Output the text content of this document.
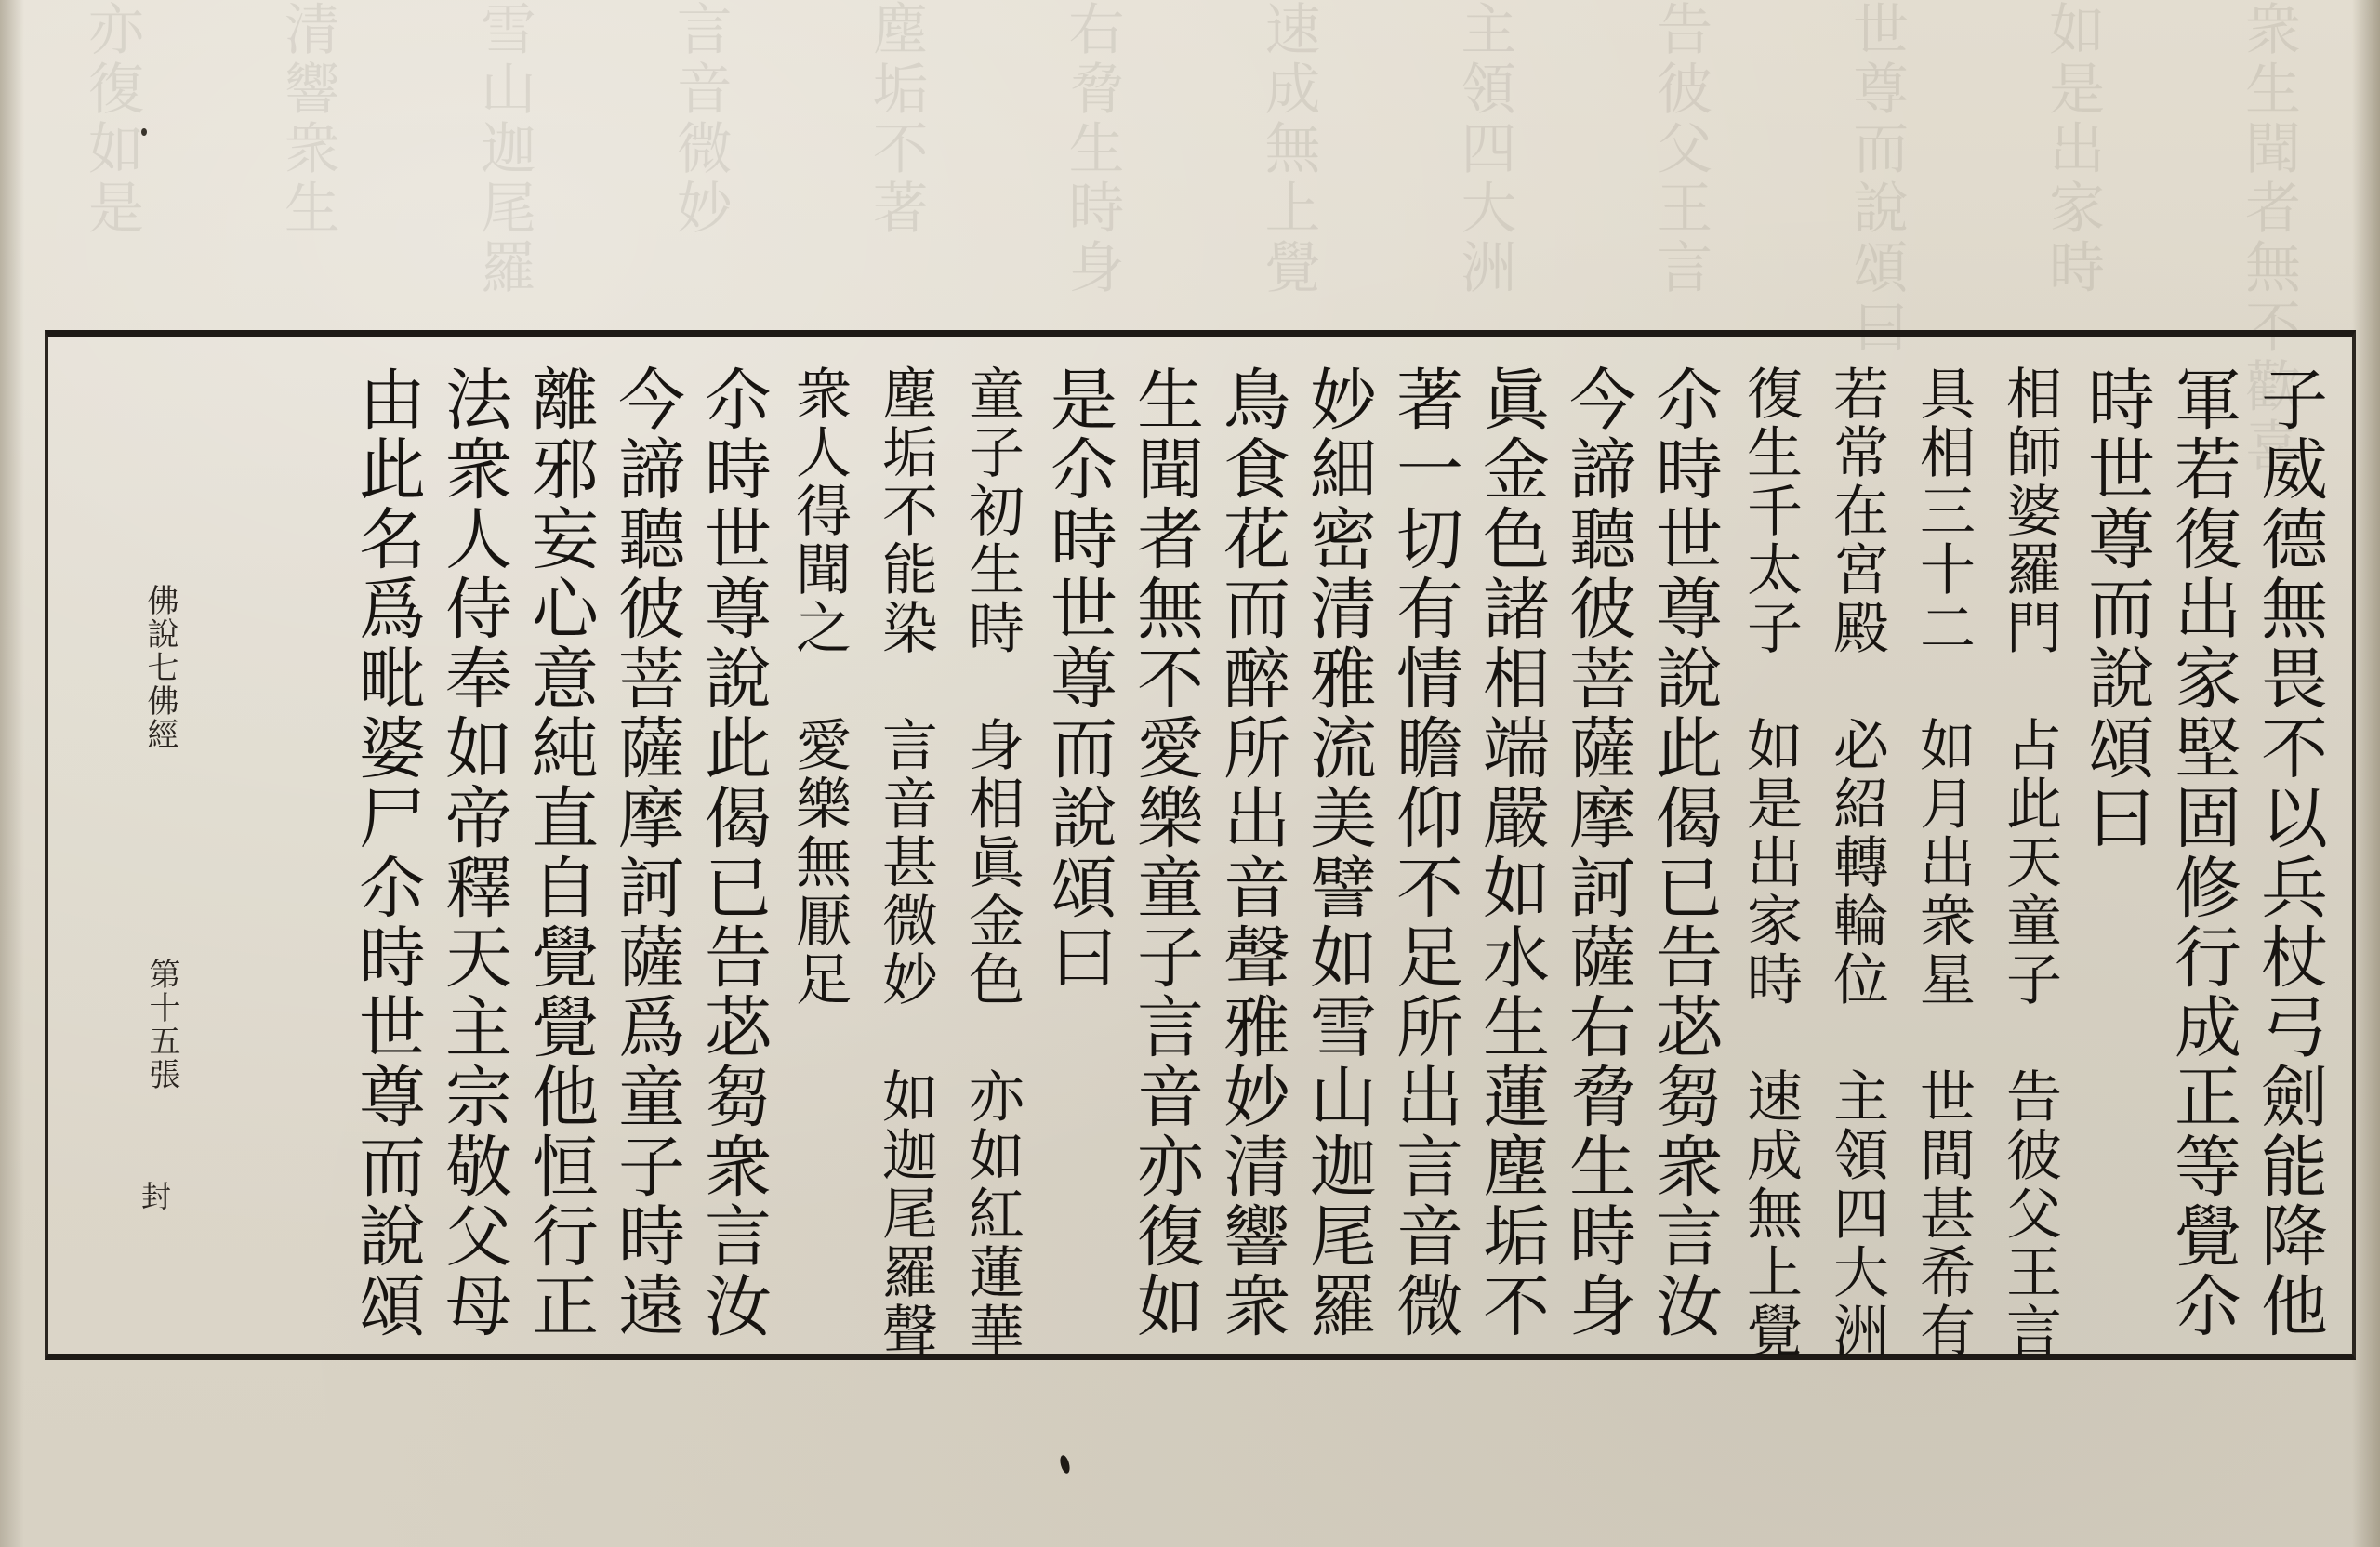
衆生聞者無不歡喜
如是出家時
世尊而說頌曰
告彼父王言
主領四大洲
速成無上覺
右脅生時身
塵垢不著
言音微妙
雪山迦尾羅
清響衆生
亦復如是
子威德無畏不以兵杖弓劍能降他
軍若復出家堅固修行成正等覺尒
時世尊而說頌曰
相師婆羅門　占此天童子　告彼父王言
具相三十二　如月出衆星　世間甚希有
若常在宮殿　必紹轉輪位　主領四大洲
復生千太子　如是出家時　速成無上覺
尒時世尊說此偈已告苾芻衆言汝
今諦聽彼菩薩摩訶薩右脅生時身
眞金色諸相端嚴如水生蓮塵垢不
著一切有情瞻仰不足所出言音微
妙細密清雅流美譬如雪山迦尾羅
鳥食花而醉所出音聲雅妙清響衆
生聞者無不愛樂童子言音亦復如
是尒時世尊而說頌曰
童子初生時　身相眞金色　亦如紅蓮華
塵垢不能染　言音甚微妙　如迦尾羅聲
衆人得聞之　愛樂無厭足
尒時世尊說此偈已告苾芻衆言汝
今諦聽彼菩薩摩訶薩爲童子時遠
離邪妄心意純直自覺覺他恒行正
法衆人侍奉如帝釋天主宗敬父母
由此名爲毗婆尸尒時世尊而說頌
佛說七佛經
第十五張
封
